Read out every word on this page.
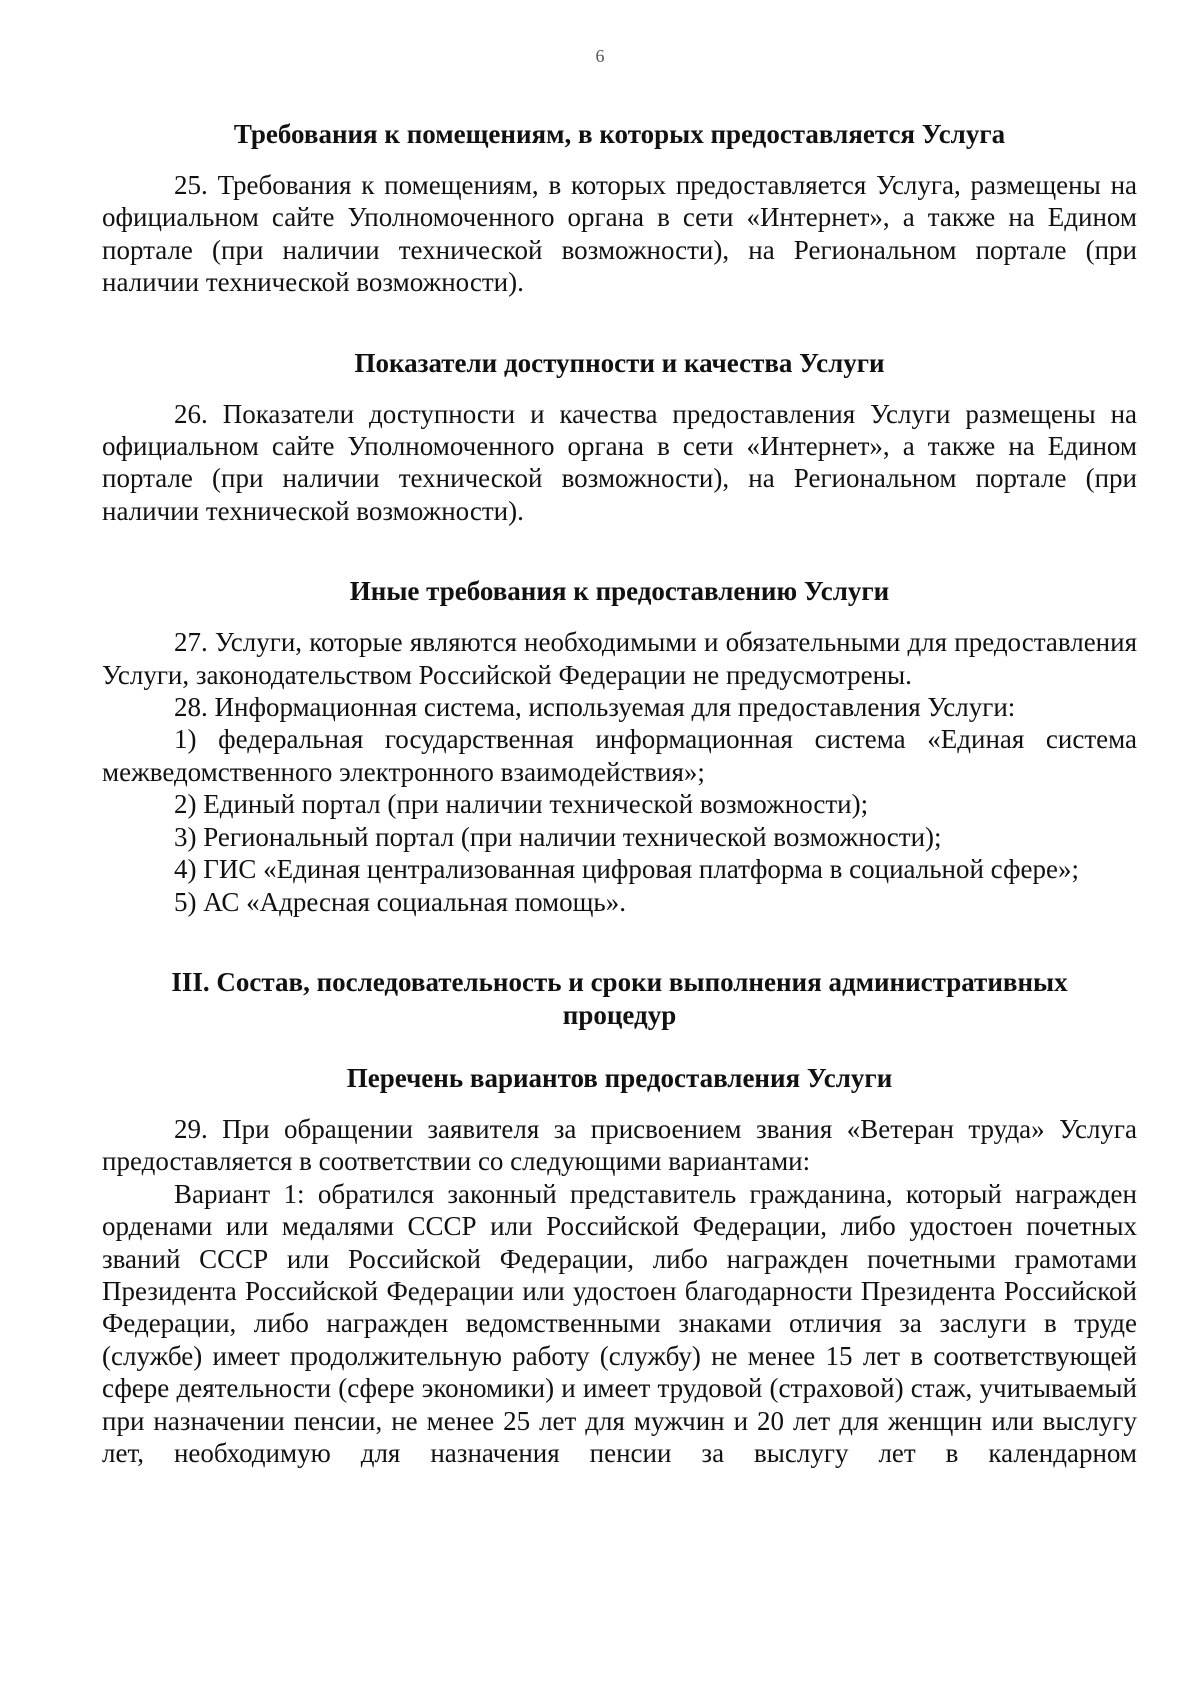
6
Требования к помещениям, в которых предоставляется Услуга

25. Требования к помещениям, в которых предоставляется Услуга, размещены на официальном сайте Уполномоченного органа в сети «Интернет», а также на Едином портале (при наличии технической возможности), на Региональном портале (при наличии технической возможности).

Показатели доступности и качества Услуги

26. Показатели доступности и качества предоставления Услуги размещены на официальном сайте Уполномоченного органа в сети «Интернет», а также на Едином портале (при наличии технической возможности), на Региональном портале (при наличии технической возможности).

Иные требования к предоставлению Услуги

27. Услуги, которые являются необходимыми и обязательными для предоставления Услуги, законодательством Российской Федерации не предусмотрены.

28. Информационная система, используемая для предоставления Услуги:

1) федеральная государственная информационная система «Единая система межведомственного электронного взаимодействия»;

2) Единый портал (при наличии технической возможности);

3) Региональный портал (при наличии технической возможности);

4) ГИС «Единая централизованная цифровая платформа в социальной сфере»;

5) АС «Адресная социальная помощь».

III. Состав, последовательность и сроки выполнения административных
процедур
Перечень вариантов предоставления Услуги

29. При обращении заявителя за присвоением звания «Ветеран труда» Услуга предоставляется в соответствии со следующими вариантами:

Вариант 1: обратился законный представитель гражданина, который награжден орденами или медалями СССР или Российской Федерации, либо удостоен почетных званий СССР или Российской Федерации, либо награжден почетными грамотами Президента Российской Федерации или удостоен благодарности Президента Российской Федерации, либо награжден ведомственными знаками отличия за заслуги в труде (службе) имеет продолжительную работу (службу) не менее 15 лет в соответствующей сфере деятельности (сфере экономики) и имеет трудовой (страховой) стаж, учитываемый при назначении пенсии, не менее 25 лет для мужчин и 20 лет для женщин или выслугу лет, необходимую для назначения пенсии за выслугу лет в календарном
